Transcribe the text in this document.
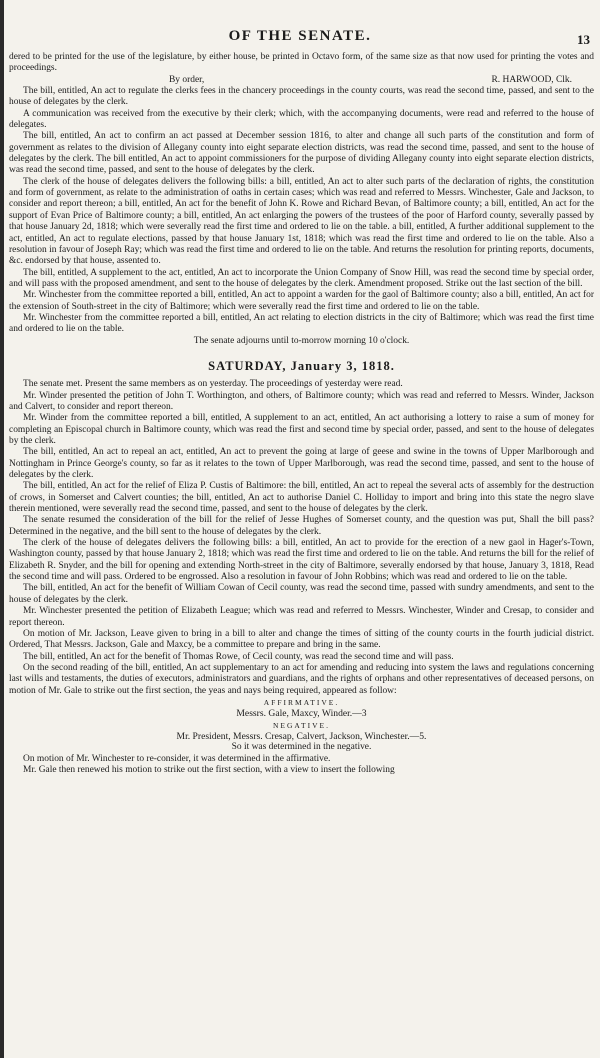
OF THE SENATE.	13

dered to be printed for the use of the legislature, by either house, be printed in Octavo form, of the same size as that now used for printing the votes and proceedings.

By order,	R. HARWOOD, Clk.

The bill, entitled, An act to regulate the clerks fees in the chancery proceedings in the county courts, was read the second time, passed, and sent to the house of delegates by the clerk.

A communication was received from the executive by their clerk; which, with the accompanying documents, were read and referred to the house of delegates.

The bill, entitled, An act to confirm an act passed at December session 1816, to alter and change all such parts of the constitution and form of government as relates to the division of Allegany county into eight separate election districts, was read the second time, passed, and sent to the house of delegates by the clerk. The bill entitled, An act to appoint commissioners for the purpose of dividing Allegany county into eight separate election districts, was read the second time, passed, and sent to the house of delegates by the clerk.

The clerk of the house of delegates delivers the following bills: a bill, entitled, An act to alter such parts of the declaration of rights, the constitution and form of government, as relate to the administration of oaths in certain cases; which was read and referred to Messrs. Winchester, Gale and Jackson, to consider and report thereon; a bill, entitled, An act for the benefit of John K. Rowe and Richard Bevan, of Baltimore county; a bill, entitled, An act for the support of Evan Price of Baltimore county; a bill, entitled, An act enlarging the powers of the trustees of the poor of Harford county, severally passed by that house January 2d, 1818; which were severally read the first time and ordered to lie on the table. a bill, entitled, A further additional supplement to the act, entitled, An act to regulate elections, passed by that house January 1st, 1818; which was read the first time and ordered to lie on the table. Also a resolution in favour of Joseph Ray; which was read the first time and ordered to lie on the table. And returns the resolution for printing reports, documents, &c. endorsed by that house, assented to.

The bill, entitled, A supplement to the act, entitled, An act to incorporate the Union Company of Snow Hill, was read the second time by special order, and will pass with the proposed amendment, and sent to the house of delegates by the clerk. Amendment proposed. Strike out the last section of the bill.

Mr. Winchester from the committee reported a bill, entitled, An act to appoint a warden for the gaol of Baltimore county; also a bill, entitled, An act for the extension of South-street in the city of Baltimore; which were severally read the first time and ordered to lie on the table.

Mr. Winchester from the committee reported a bill, entitled, An act relating to election districts in the city of Baltimore; which was read the first time and ordered to lie on the table.

The senate adjourns until to-morrow morning 10 o'clock.

SATURDAY, January 3, 1818.

The senate met. Present the same members as on yesterday. The proceedings of yesterday were read.

Mr. Winder presented the petition of John T. Worthington, and others, of Baltimore county; which was read and referred to Messrs. Winder, Jackson and Calvert, to consider and report thereon.

Mr. Winder from the committee reported a bill, entitled, A supplement to an act, entitled, An act authorising a lottery to raise a sum of money for completing an Episcopal church in Baltimore county, which was read the first and second time by special order, passed, and sent to the house of delegates by the clerk.

The bill, entitled, An act to repeal an act, entitled, An act to prevent the going at large of geese and swine in the towns of Upper Marlborough and Nottingham in Prince George's county, so far as it relates to the town of Upper Marlborough, was read the second time, passed, and sent to the house of delegates by the clerk.

The bill, entitled, An act for the relief of Eliza P. Custis of Baltimore: the bill, entitled, An act to repeal the several acts of assembly for the destruction of crows, in Somerset and Calvert counties; the bill, entitled, An act to authorise Daniel C. Holliday to import and bring into this state the negro slave therein mentioned, were severally read the second time, passed, and sent to the house of delegates by the clerk.

The senate resumed the consideration of the bill for the relief of Jesse Hughes of Somerset county, and the question was put, Shall the bill pass? Determined in the negative, and the bill sent to the house of delegates by the clerk.

The clerk of the house of delegates delivers the following bills: a bill, entitled, An act to provide for the erection of a new gaol in Hager's-Town, Washington county, passed by that house January 2, 1818; which was read the first time and ordered to lie on the table. And returns the bill for the relief of Elizabeth R. Snyder, and the bill for opening and extending North-street in the city of Baltimore, severally endorsed by that house, January 3, 1818, Read the second time and will pass. Ordered to be engrossed. Also a resolution in favour of John Robbins; which was read and ordered to lie on the table.

The bill, entitled, An act for the benefit of William Cowan of Cecil county, was read the second time, passed with sundry amendments, and sent to the house of delegates by the clerk.

Mr. Winchester presented the petition of Elizabeth League; which was read and referred to Messrs. Winchester, Winder and Cresap, to consider and report thereon.

On motion of Mr. Jackson, Leave given to bring in a bill to alter and change the times of sitting of the county courts in the fourth judicial district. Ordered, That Messrs. Jackson, Gale and Maxcy, be a committee to prepare and bring in the same.

The bill, entitled, An act for the benefit of Thomas Rowe, of Cecil county, was read the second time and will pass.

On the second reading of the bill, entitled, An act supplementary to an act for amending and reducing into system the laws and regulations concerning last wills and testaments, the duties of executors, administrators and guardians, and the rights of orphans and other representatives of deceased persons, on motion of Mr. Gale to strike out the first section, the yeas and nays being required, appeared as follow:

AFFIRMATIVE.

Messrs. Gale, Maxcy, Winder.—3

NEGATIVE.

Mr. President, Messrs. Cresap, Calvert, Jackson, Winchester.—5.

So it was determined in the negative.

On motion of Mr. Winchester to re-consider, it was determined in the affirmative.

Mr. Gale then renewed his motion to strike out the first section, with a view to insert the following
